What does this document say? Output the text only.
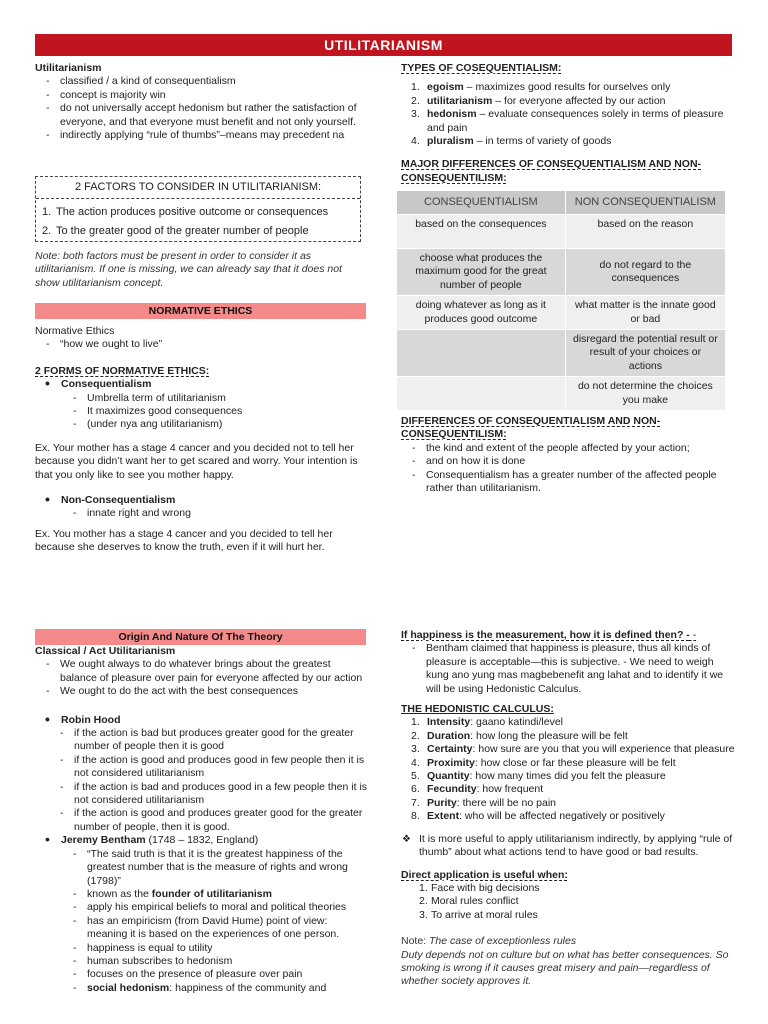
UTILITARIANISM

Utilitarianism

- classified / a kind of consequentialism
- concept is majority win
- do not universally accept hedonism but rather the satisfaction of everyone, and that everyone must benefit and not only yourself.
- indirectly applying “rule of thumbs”–means may precedent na

2 FACTORS TO CONSIDER IN UTILITARIANISM:

1. The action produces positive outcome or consequences
2. To the greater good of the greater number of people

Note: both factors must be present in order to consider it as utilitarianism. If one is missing, we can already say that it does not show utilitarianism concept.

NORMATIVE ETHICS

Normative Ethics

- “how we ought to live”

2 FORMS OF NORMATIVE ETHICS:

• Consequentialism

- Umbrella term of utilitarianism
- It maximizes good consequences
- (under nya ang utilitarianism)

Ex. Your mother has a stage 4 cancer and you decided not to tell her because you didn’t want her to get scared and worry. Your intention is that you only like to see you mother happy.

• Non-Consequentialism

- innate right and wrong

Ex. You mother has a stage 4 cancer and you decided to tell her because she deserves to know the truth, even if it will hurt her.

TYPES OF COSEQUENTIALISM:

1. egoism – maximizes good results for ourselves only
2. utilitarianism – for everyone affected by our action
3. hedonism – evaluate consequences solely in terms of pleasure and pain
4. pluralism – in terms of variety of goods

MAJOR DIFFERENCES OF CONSEQUENTIALISM AND NON-CONSEQUENTILISM:

CONSEQUENTIALISM	NON CONSEQUENTIALISM
based on the consequences	based on the reason
choose what produces the maximum good for the great number of people	do not regard to the consequences
doing whatever as long as it produces good outcome	what matter is the innate good or bad
	disregard the potential result or result of your choices or actions
	do not determine the choices you make

DIFFERENCES OF CONSEQUENTIALISM AND NON-CONSEQUENTILISM:

- the kind and extent of the people affected by your action;
- and on how it is done
- Consequentialism has a greater number of the affected people rather than utilitarianism.
Origin And Nature Of The Theory

Classical / Act Utilitarianism

- We ought always to do whatever brings about the greatest balance of pleasure over pain for everyone affected by our action
- We ought to do the act with the best consequences

• Robin Hood

- if the action is bad but produces greater good for the greater number of people then it is good
- if the action is good and produces good in few people then it is not considered utilitarianism
- if the action is bad and produces good in a few people then it is not considered utilitarianism
- if the action is good and produces greater good for the greater number of people, then it is good.

• Jeremy Bentham (1748 – 1832, England)

- “The said truth is that it is the greatest happiness of the greatest number that is the measure of rights and wrong (1798)”
- known as the founder of utilitarianism
- apply his empirical beliefs to moral and political theories
- has an empiricism (from David Hume) point of view: meaning it is based on the experiences of one person.
- happiness is equal to utility
- human subscribes to hedonism
- focuses on the presence of pleasure over pain
- social hedonism: happiness of the community and

If happiness is the measurement, how it is defined then? - -

- Bentham claimed that happiness is pleasure, thus all kinds of pleasure is acceptable—this is subjective. - We need to weigh kung ano yung mas magbebenefit ang lahat and to identify it we will be using Hedonistic Calculus.

THE HEDONISTIC CALCULUS:

1. Intensity: gaano katindi/level
2. Duration: how long the pleasure will be felt
3. Certainty: how sure are you that you will experience that pleasure
4. Proximity: how close or far these pleasure will be felt
5. Quantity: how many times did you felt the pleasure
6. Fecundity: how frequent
7. Purity: there will be no pain
8. Extent: who will be affected negatively or positively

❖ It is more useful to apply utilitarianism indirectly, by applying “rule of thumb” about what actions tend to have good or bad results.

Direct application is useful when:

1. Face with big decisions
2. Moral rules conflict
3. To arrive at moral rules

Note: The case of exceptionless rules

Duty depends not on culture but on what has better consequences. So smoking is wrong if it causes great misery and pain—regardless of whether society approves it.
